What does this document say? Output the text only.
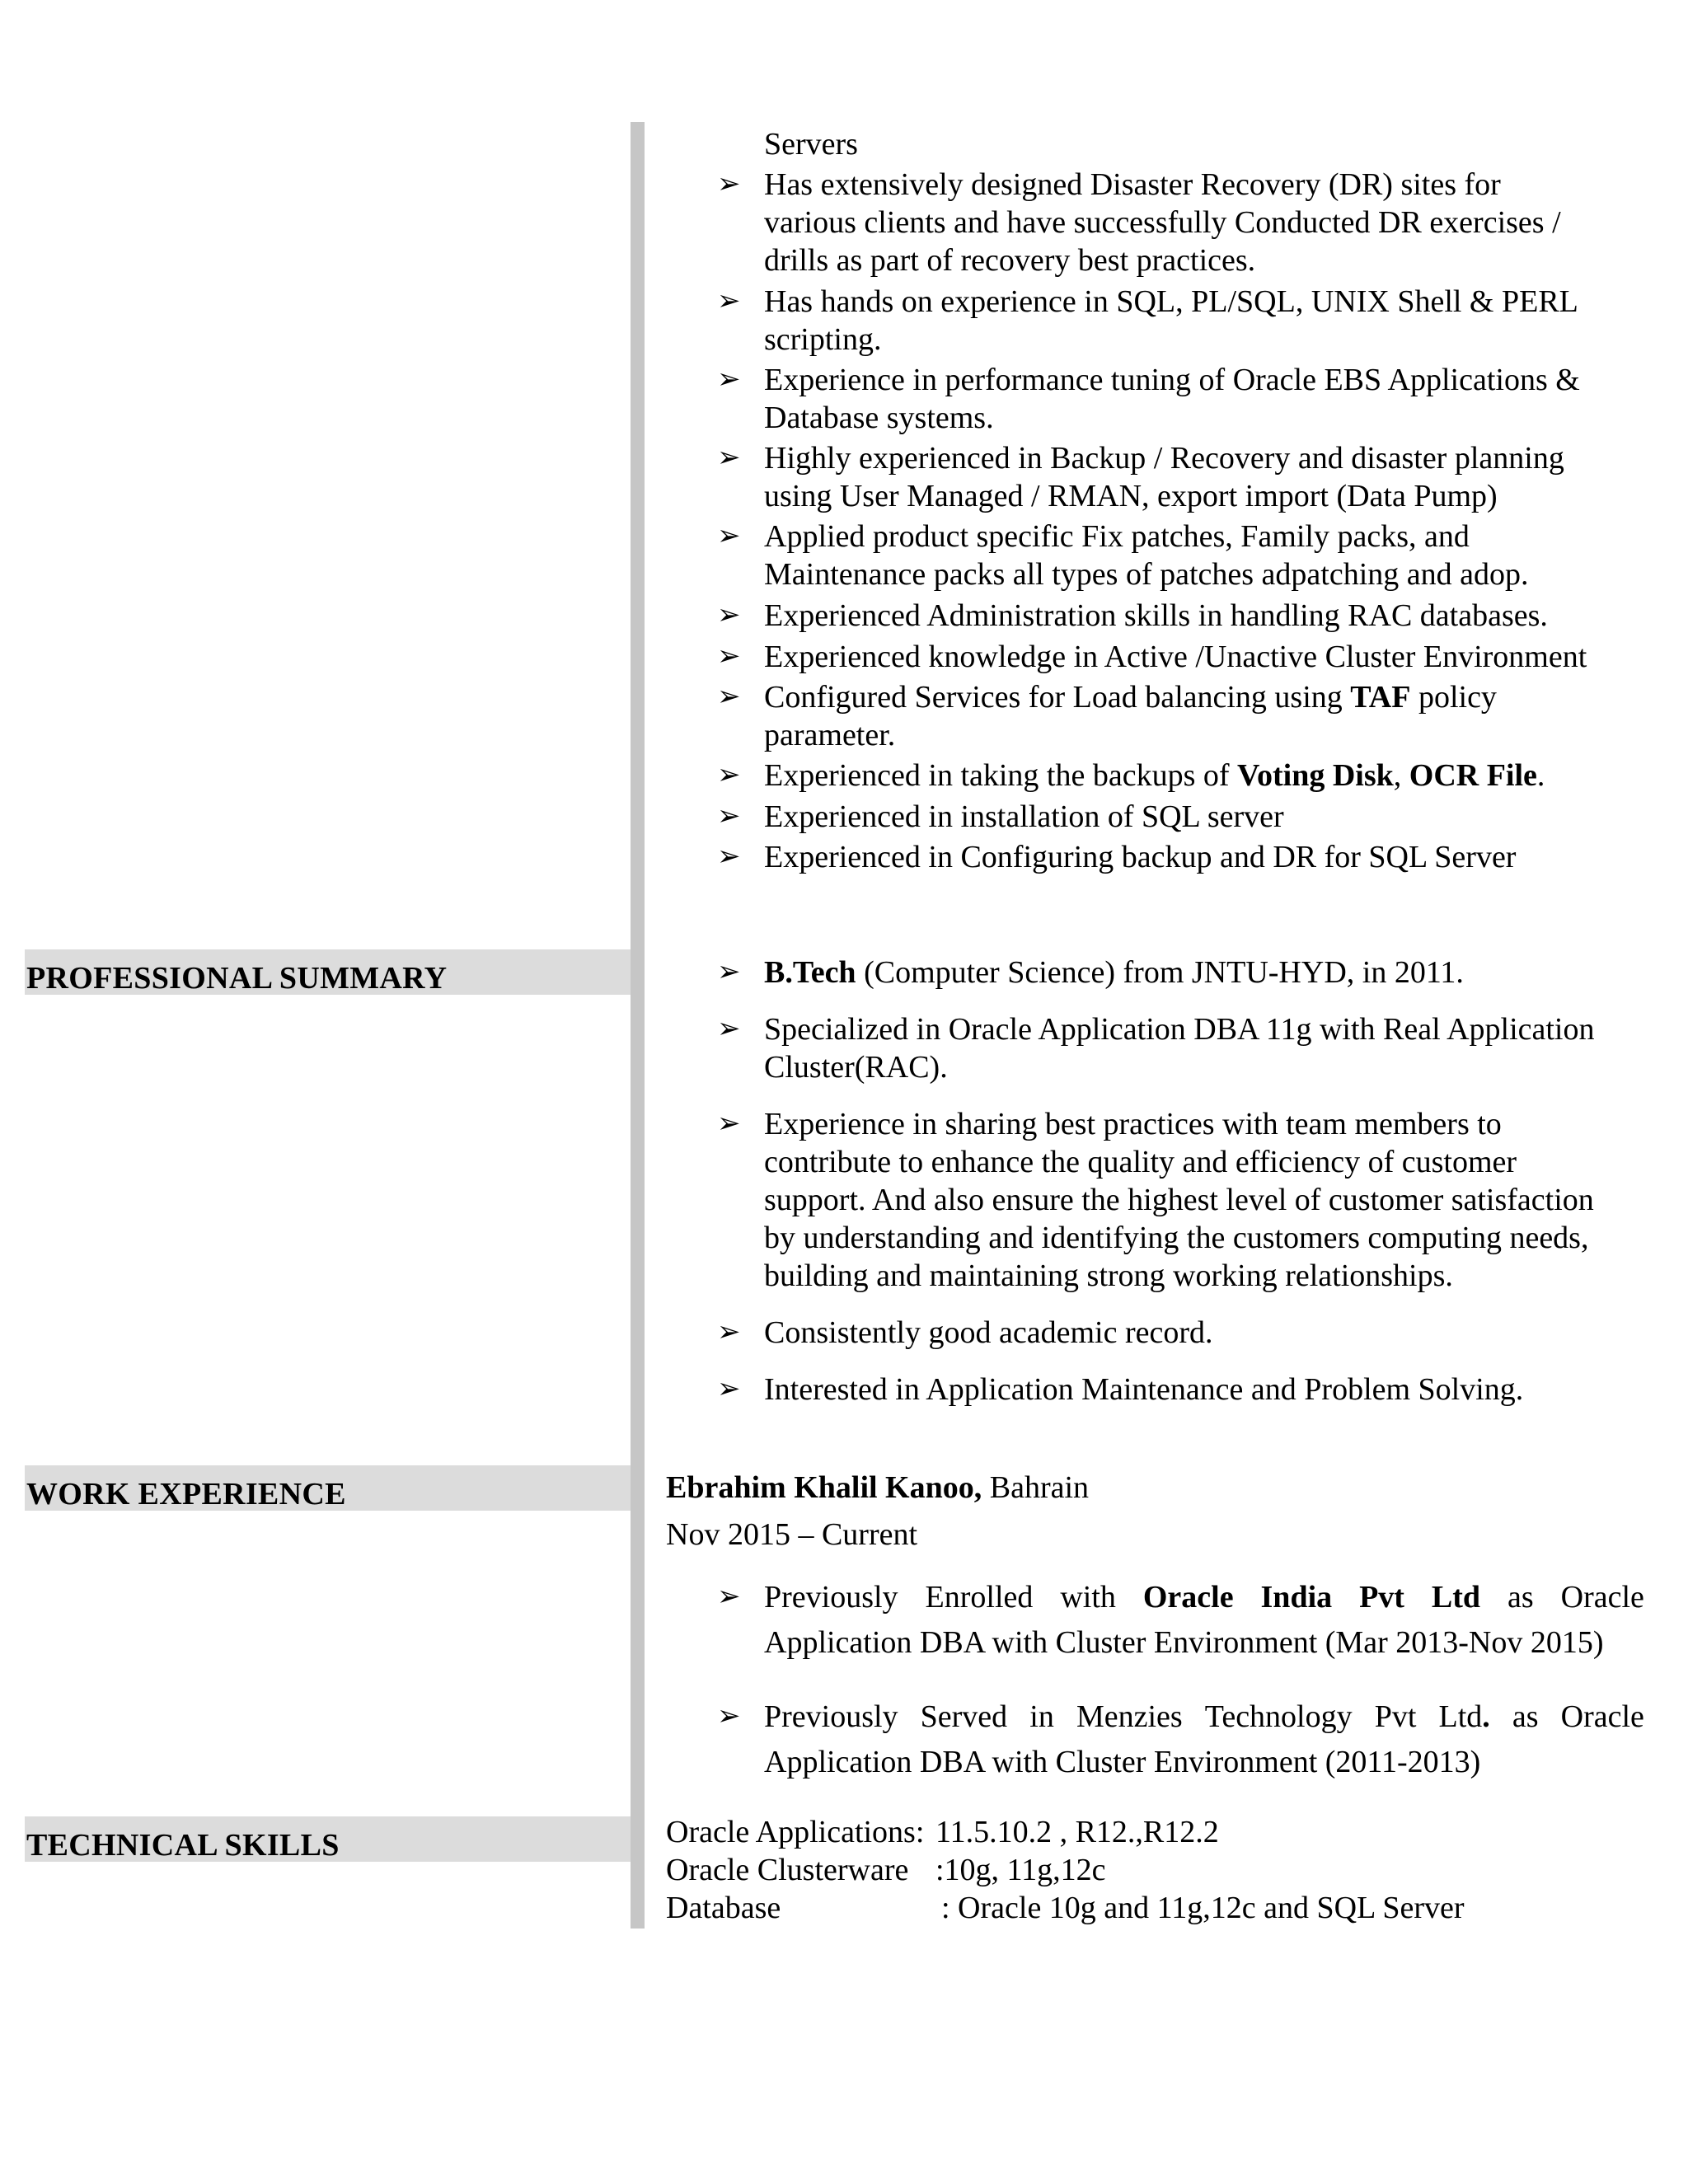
Servers
➢ Has extensively designed Disaster Recovery (DR) sites for
various clients and have successfully Conducted DR exercises /
drills as part of recovery best practices.
➢ Has hands on experience in SQL, PL/SQL, UNIX Shell & PERL
scripting.
➢ Experience in performance tuning of Oracle EBS Applications &
Database systems.
➢ Highly experienced in Backup / Recovery and disaster planning
using User Managed / RMAN, export import (Data Pump)
➢ Applied product specific Fix patches, Family packs, and
Maintenance packs all types of patches adpatching and adop.
➢ Experienced Administration skills in handling RAC databases.
➢ Experienced knowledge in Active /Unactive Cluster Environment
➢ Configured Services for Load balancing using TAF policy
parameter.
➢ Experienced in taking the backups of Voting Disk, OCR File.
➢ Experienced in installation of SQL server
➢ Experienced in Configuring backup and DR for SQL Server
PROFESSIONAL SUMMARY	➢ B.Tech (Computer Science) from JNTU-HYD, in 2011.
➢ Specialized in Oracle Application DBA 11g with Real Application
Cluster(RAC).
➢ Experience in sharing best practices with team members to
contribute to enhance the quality and efficiency of customer
support. And also ensure the highest level of customer satisfaction
by understanding and identifying the customers computing needs,
building and maintaining strong working relationships.
➢ Consistently good academic record.
➢ Interested in Application Maintenance and Problem Solving.
WORK EXPERIENCE	Ebrahim Khalil Kanoo, Bahrain
Nov 2015 – Current
➢ Previously Enrolled with Oracle India Pvt Ltd as Oracle
Application DBA with Cluster Environment (Mar 2013-Nov 2015)
➢ Previously Served in Menzies Technology Pvt Ltd. as Oracle
Application DBA with Cluster Environment (2011-2013)
TECHNICAL SKILLS	Oracle Applications: 11.5.10.2 , R12.,R12.2
Oracle Clusterware :10g, 11g,12c
Database	: Oracle 10g and 11g,12c and SQL Server
